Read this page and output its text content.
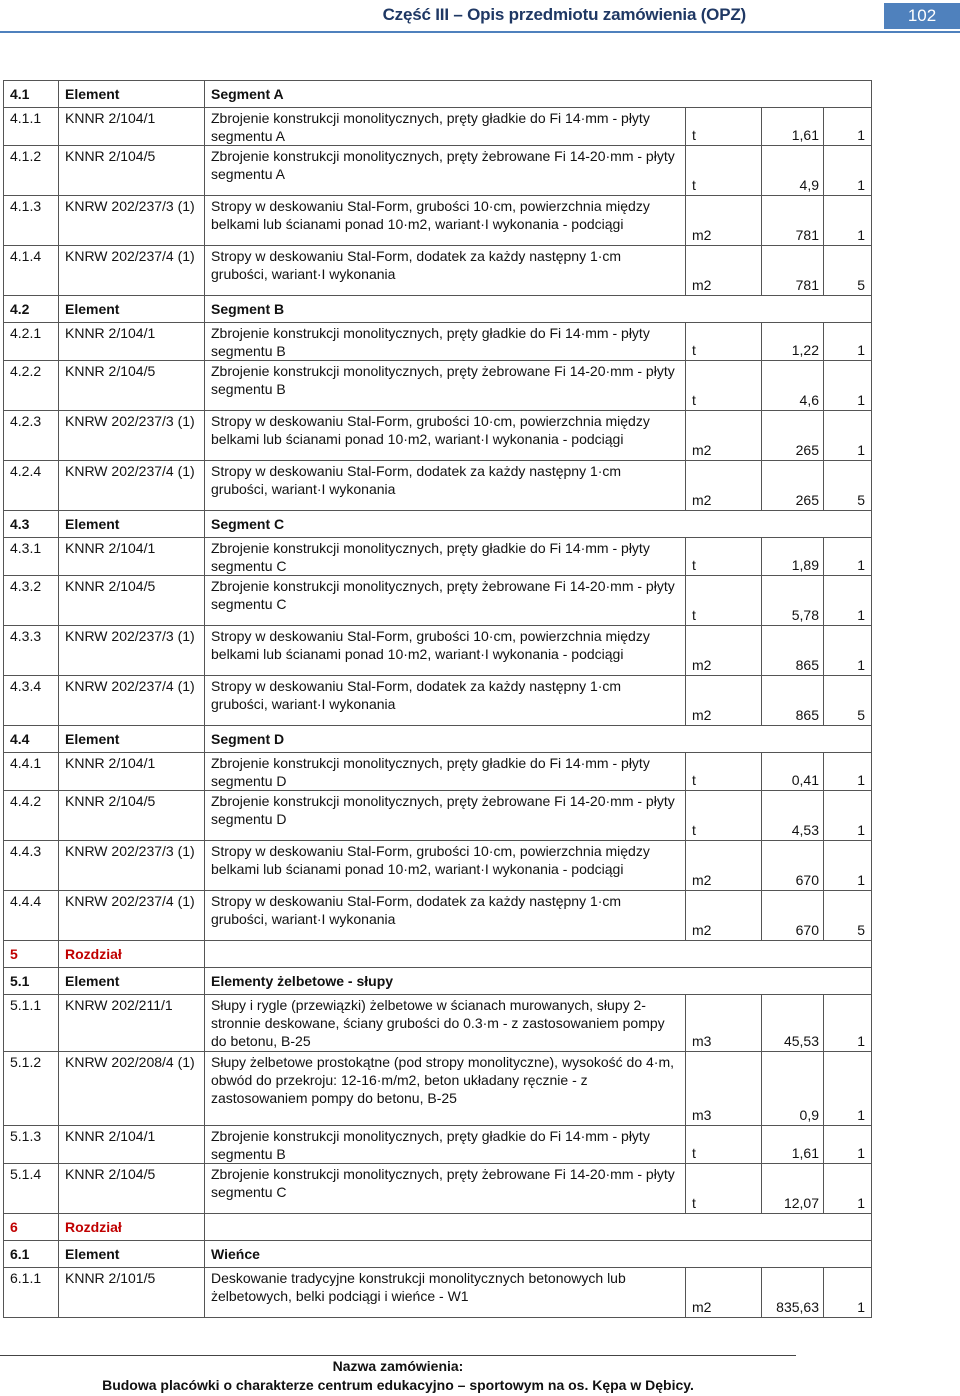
Część III – Opis przedmiotu zamówienia (OPZ)	102
4.1	Element	Segment A			
4.1.1	KNNR 2/104/1	Zbrojenie konstrukcji monolitycznych, pręty gładkie do Fi 14·mm - płyty segmentu A	t	1,61	1
4.1.2	KNNR 2/104/5	Zbrojenie konstrukcji monolitycznych, pręty żebrowane Fi 14-20·mm - płyty segmentu A	t	4,9	1
4.1.3	KNRW 202/237/3 (1)	Stropy w deskowaniu Stal-Form, grubości 10·cm, powierzchnia między belkami lub ścianami ponad 10·m2, wariant·I wykonania - podciągi	m2	781	1
4.1.4	KNRW 202/237/4 (1)	Stropy w deskowaniu Stal-Form, dodatek za każdy następny 1·cm grubości, wariant·I wykonania	m2	781	5
4.2	Element	Segment B			
4.2.1	KNNR 2/104/1	Zbrojenie konstrukcji monolitycznych, pręty gładkie do Fi 14·mm - płyty segmentu B	t	1,22	1
4.2.2	KNNR 2/104/5	Zbrojenie konstrukcji monolitycznych, pręty żebrowane Fi 14-20·mm - płyty segmentu B	t	4,6	1
4.2.3	KNRW 202/237/3 (1)	Stropy w deskowaniu Stal-Form, grubości 10·cm, powierzchnia między belkami lub ścianami ponad 10·m2, wariant·I wykonania - podciągi	m2	265	1
4.2.4	KNRW 202/237/4 (1)	Stropy w deskowaniu Stal-Form, dodatek za każdy następny 1·cm grubości, wariant·I wykonania	m2	265	5
4.3	Element	Segment C			
4.3.1	KNNR 2/104/1	Zbrojenie konstrukcji monolitycznych, pręty gładkie do Fi 14·mm - płyty segmentu C	t	1,89	1
4.3.2	KNNR 2/104/5	Zbrojenie konstrukcji monolitycznych, pręty żebrowane Fi 14-20·mm - płyty segmentu C	t	5,78	1
4.3.3	KNRW 202/237/3 (1)	Stropy w deskowaniu Stal-Form, grubości 10·cm, powierzchnia między belkami lub ścianami ponad 10·m2, wariant·I wykonania - podciągi	m2	865	1
4.3.4	KNRW 202/237/4 (1)	Stropy w deskowaniu Stal-Form, dodatek za każdy następny 1·cm grubości, wariant·I wykonania	m2	865	5
4.4	Element	Segment D			
4.4.1	KNNR 2/104/1	Zbrojenie konstrukcji monolitycznych, pręty gładkie do Fi 14·mm - płyty segmentu D	t	0,41	1
4.4.2	KNNR 2/104/5	Zbrojenie konstrukcji monolitycznych, pręty żebrowane Fi 14-20·mm - płyty segmentu D	t	4,53	1
4.4.3	KNRW 202/237/3 (1)	Stropy w deskowaniu Stal-Form, grubości 10·cm, powierzchnia między belkami lub ścianami ponad 10·m2, wariant·I wykonania - podciągi	m2	670	1
4.4.4	KNRW 202/237/4 (1)	Stropy w deskowaniu Stal-Form, dodatek za każdy następny 1·cm grubości, wariant·I wykonania	m2	670	5
5	Rozdział				
5.1	Element	Elementy żelbetowe - słupy			
5.1.1	KNRW 202/211/1	Słupy i rygle (przewiązki) żelbetowe w ścianach murowanych, słupy 2-stronnie deskowane, ściany grubości do 0.3·m - z zastosowaniem pompy do betonu, B-25	m3	45,53	1
5.1.2	KNRW 202/208/4 (1)	Słupy żelbetowe prostokątne (pod stropy monolityczne), wysokość do 4·m, obwód do przekroju: 12-16·m/m2, beton układany ręcznie - z zastosowaniem pompy do betonu, B-25	m3	0,9	1
5.1.3	KNNR 2/104/1	Zbrojenie konstrukcji monolitycznych, pręty gładkie do Fi 14·mm - płyty segmentu B	t	1,61	1
5.1.4	KNNR 2/104/5	Zbrojenie konstrukcji monolitycznych, pręty żebrowane Fi 14-20·mm - płyty segmentu C	t	12,07	1
6	Rozdział				
6.1	Element	Wieńce			
6.1.1	KNNR 2/101/5	Deskowanie tradycyjne konstrukcji monolitycznych betonowych lub żelbetowych, belki podciągi i wieńce - W1	m2	835,63	1
Nazwa zamówienia:
Budowa placówki o charakterze centrum edukacyjno – sportowym na os. Kępa w Dębicy.
